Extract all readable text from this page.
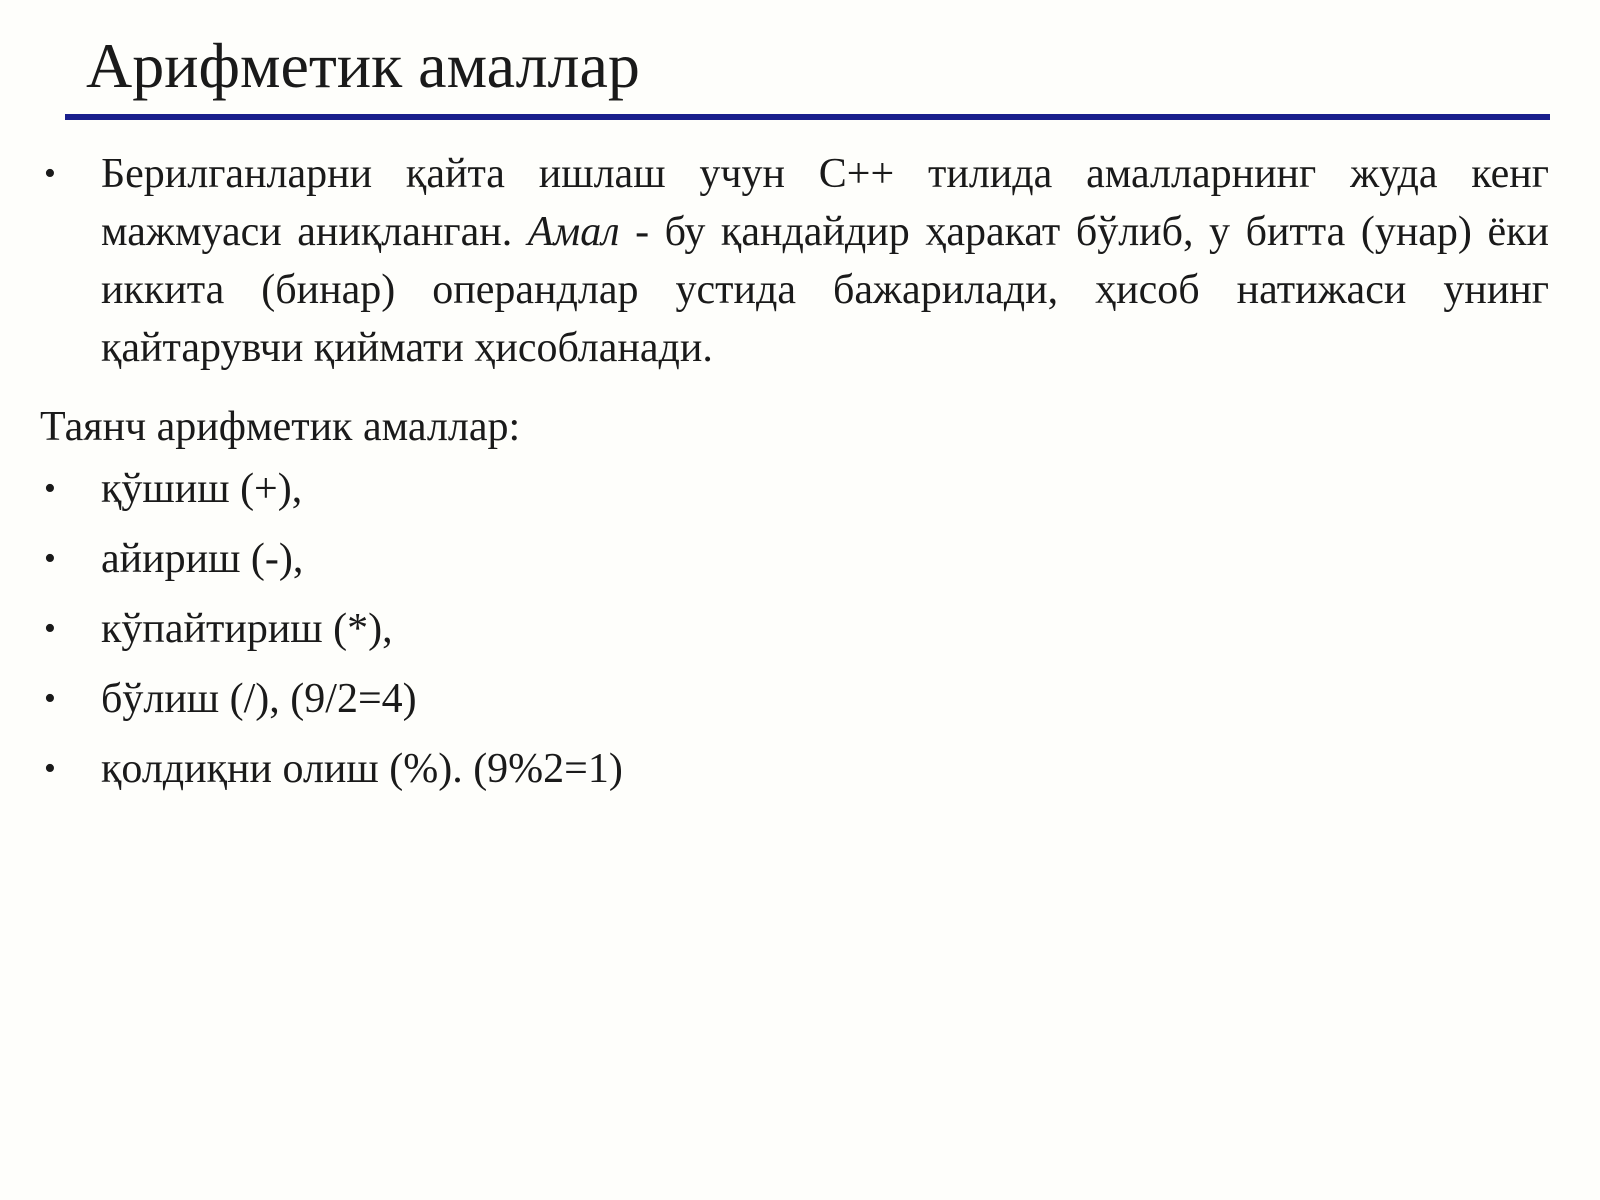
Арифметик амаллар
• Берилганларни қайта ишлаш учун C++ тилида амалларнинг жуда кенг мажмуаси аниқланган. Амал - бу қандайдир ҳаракат бўлиб, у битта (унар) ёки иккита (бинар) операндлар устида бажарилади, ҳисоб натижаси унинг қайтарувчи қиймати ҳисобланади.

Таянч арифметик амаллар:

• қўшиш (+),
• айириш (-),
• кўпайтириш (*),
• бўлиш (/), (9/2=4)
• қолдиқни олиш (%). (9%2=1)
